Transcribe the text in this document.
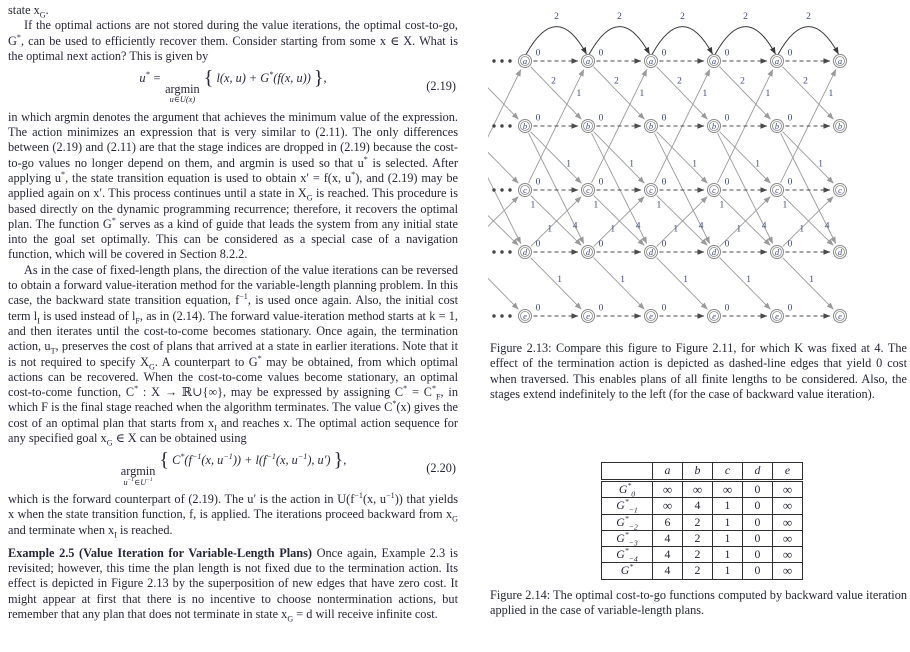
state $x_G$.

If the optimal actions are not stored during the value iterations, the optimal cost-to-go, G*, can be used to efficiently recover them. Consider starting from some x ∈ X. What is the optimal next action? This is given by

u* =
argmin
u∈U(x)
{ l(x, u) + G*(f(x, u)) },
(2.19)

in which argmin denotes the argument that achieves the minimum value of the expression. The action minimizes an expression that is very similar to (2.11). The only differences between (2.19) and (2.11) are that the stage indices are dropped in (2.19) because the cost-to-go values no longer depend on them, and argmin is used so that u* is selected. After applying u*, the state transition equation is used to obtain x′ = f(x, u*), and (2.19) may be applied again on x′. This process continues until a state in $X_G$ is reached. This procedure is based directly on the dynamic programming recurrence; therefore, it recovers the optimal plan. The function G* serves as a kind of guide that leads the system from any initial state into the goal set optimally. This can be considered as a special case of a navigation function, which will be covered in Section 8.2.2.

As in the case of fixed-length plans, the direction of the value iterations can be reversed to obtain a forward value-iteration method for the variable-length planning problem. In this case, the backward state transition equation, $f^{-1}$, is used once again. Also, the initial cost term $l_I$ is used instead of $l_F$, as in (2.14). The forward value-iteration method starts at k = 1, and then iterates until the cost-to-come becomes stationary. Once again, the termination action, $u_T$, preserves the cost of plans that arrived at a state in earlier iterations. Note that it is not required to specify $X_G$. A counterpart to G* may be obtained, from which optimal actions can be recovered. When the cost-to-come values become stationary, an optimal cost-to-come function, C* : X → ℝ∪{∞}, may be expressed by assigning $C^* = C^*_F$, in which F is the final stage reached when the algorithm terminates. The value C*(x) gives the cost of an optimal plan that starts from $x_I$ and reaches x. The optimal action sequence for any specified goal $x_G$ ∈ X can be obtained using

argmin
$u^{-1}\in U^{-1}$
{ $C^*(f^{-1}(x$, $u^{-1})) + l(f^{-1}(x$, $u^{-1}$), u′) },
(2.20)

which is the forward counterpart of (2.19). The u′ is the action in $U(f^{-1}(x$, $u^{-1}$)) that yields x when the state transition function, f, is applied. The iterations proceed backward from $x_G$ and terminate when $x_I$ is reached.

Example 2.5 (Value Iteration for Variable-Length Plans) Once again, Example 2.3 is revisited; however, this time the plan length is not fixed due to the termination action. Its effect is depicted in Figure 2.13 by the superposition of new edges that have zero cost. It might appear at first that there is no incentive to choose nontermination actions, but remember that any plan that does not terminate in state $x_G = d$ will receive infinite cost.

2
0
2
1
0
1
4
0
1
1
0
1
0
2
0
2
1
0
1
4
0
1
1
0
1
0
2
0
2
1
0
1
4
0
1
1
0
1
0
2
0
2
1
0
1
4
0
1
1
0
1
0
2
0
2
1
0
1
4
0
1
1
0
1
0
a
b
c
d
e
a
b
c
d
e
a
b
c
d
e
a
b
c
d
e
a
b
c
d
e
a
b
c
d
e
Figure 2.13: Compare this figure to Figure 2.11, for which K was fixed at 4. The effect of the termination action is depicted as dashed-line edges that yield 0 cost when traversed. This enables plans of all finite lengths to be considered. Also, the stages extend indefinitely to the left (for the case of backward value iteration).
	a	b	c	d	e
$G^*_0$	∞	∞	∞	0	∞
$G^*_{-1}$	∞	4	1	0	∞
$G^*_{-2}$	6	2	1	0	∞
$G^*_{-3}$	4	2	1	0	∞
$G^*_{-4}$	4	2	1	0	∞
G*	4	2	1	0	∞
Figure 2.14: The optimal cost-to-go functions computed by backward value iteration applied in the case of variable-length plans.
